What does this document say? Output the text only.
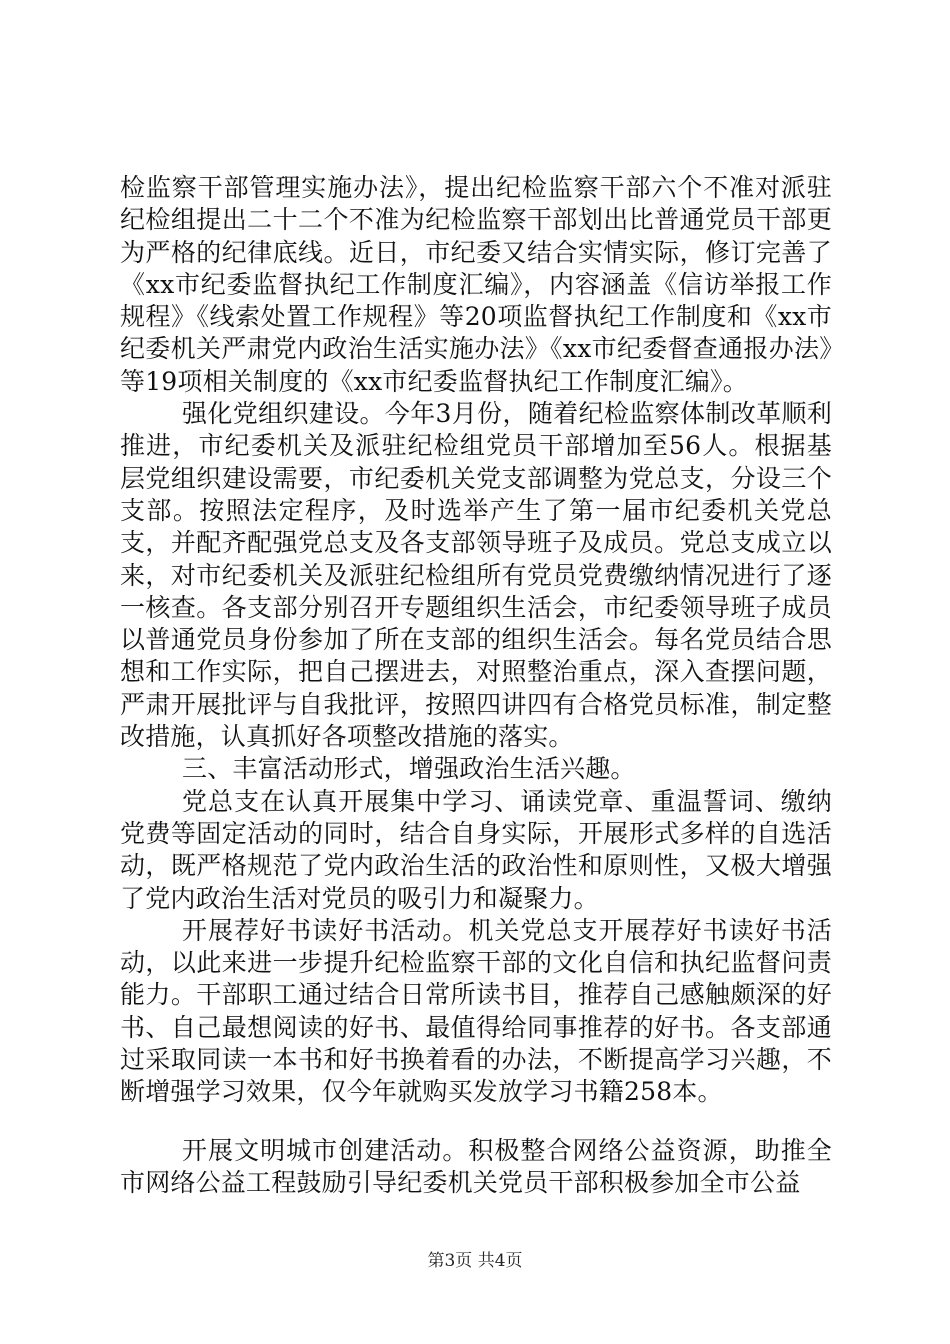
检监察干部管理实施办法》，提出纪检监察干部六个不准对派驻纪检组提出二十二个不准为纪检监察干部划出比普通党员干部更为严格的纪律底线。近日，市纪委又结合实情实际，修订完善了《xx市纪委监督执纪工作制度汇编》，内容涵盖《信访举报工作规程》《线索处置工作规程》等20项监督执纪工作制度和《xx市纪委机关严肃党内政治生活实施办法》《xx市纪委督查通报办法》等19项相关制度的《xx市纪委监督执纪工作制度汇编》。

强化党组织建设。今年3月份，随着纪检监察体制改革顺利推进，市纪委机关及派驻纪检组党员干部增加至56人。根据基层党组织建设需要，市纪委机关党支部调整为党总支，分设三个支部。按照法定程序，及时选举产生了第一届市纪委机关党总支，并配齐配强党总支及各支部领导班子及成员。党总支成立以来，对市纪委机关及派驻纪检组所有党员党费缴纳情况进行了逐一核查。各支部分别召开专题组织生活会，市纪委领导班子成员以普通党员身份参加了所在支部的组织生活会。每名党员结合思想和工作实际，把自己摆进去，对照整治重点，深入查摆问题，严肃开展批评与自我批评，按照四讲四有合格党员标准，制定整改措施，认真抓好各项整改措施的落实。

三、丰富活动形式，增强政治生活兴趣。

党总支在认真开展集中学习、诵读党章、重温誓词、缴纳党费等固定活动的同时，结合自身实际，开展形式多样的自选活动，既严格规范了党内政治生活的政治性和原则性，又极大增强了党内政治生活对党员的吸引力和凝聚力。

开展荐好书读好书活动。机关党总支开展荐好书读好书活动，以此来进一步提升纪检监察干部的文化自信和执纪监督问责能力。干部职工通过结合日常所读书目，推荐自己感触颇深的好书、自己最想阅读的好书、最值得给同事推荐的好书。各支部通过采取同读一本书和好书换着看的办法，不断提高学习兴趣，不断增强学习效果，仅今年就购买发放学习书籍258本。

开展文明城市创建活动。积极整合网络公益资源，助推全市网络公益工程鼓励引导纪委机关党员干部积极参加全市公益

第3页 共4页
